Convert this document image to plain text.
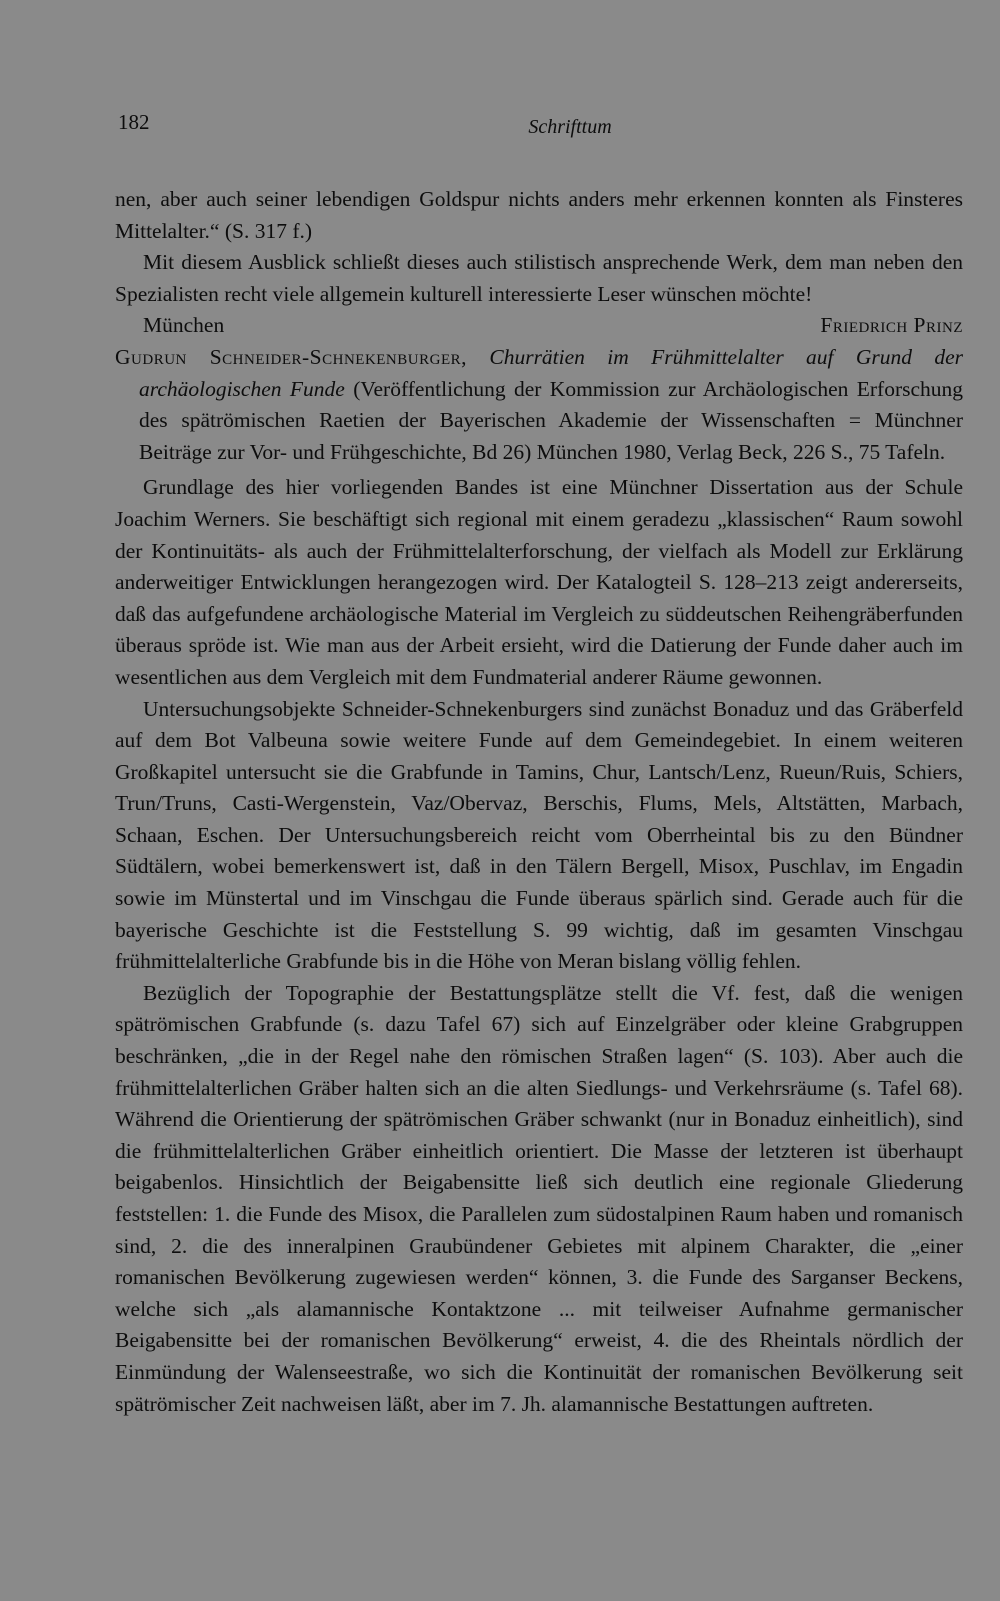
182	Schrifttum

nen, aber auch seiner lebendigen Goldspur nichts anders mehr erkennen konnten als Finsteres Mittelalter.“ (S. 317 f.)

Mit diesem Ausblick schließt dieses auch stilistisch ansprechende Werk, dem man neben den Spezialisten recht viele allgemein kulturell interessierte Leser wünschen möchte!

München	Friedrich Prinz

Gudrun Schneider-Schnekenburger, Churrätien im Frühmittelalter auf Grund der archäologischen Funde (Veröffentlichung der Kommission zur Archäologischen Erforschung des spätrömischen Raetien der Bayerischen Akademie der Wissenschaften = Münchner Beiträge zur Vor- und Frühgeschichte, Bd 26) München 1980, Verlag Beck, 226 S., 75 Tafeln.

Grundlage des hier vorliegenden Bandes ist eine Münchner Dissertation aus der Schule Joachim Werners. Sie beschäftigt sich regional mit einem geradezu „klassischen“ Raum sowohl der Kontinuitäts- als auch der Frühmittelalterforschung, der vielfach als Modell zur Erklärung anderweitiger Entwicklungen herangezogen wird. Der Katalogteil S. 128–213 zeigt andererseits, daß das aufgefundene archäologische Material im Vergleich zu süddeutschen Reihengräberfunden überaus spröde ist. Wie man aus der Arbeit ersieht, wird die Datierung der Funde daher auch im wesentlichen aus dem Vergleich mit dem Fundmaterial anderer Räume gewonnen.

Untersuchungsobjekte Schneider-Schnekenburgers sind zunächst Bonaduz und das Gräberfeld auf dem Bot Valbeuna sowie weitere Funde auf dem Gemeindegebiet. In einem weiteren Großkapitel untersucht sie die Grabfunde in Tamins, Chur, Lantsch/Lenz, Rueun/Ruis, Schiers, Trun/Truns, Casti-Wergenstein, Vaz/Obervaz, Berschis, Flums, Mels, Altstätten, Marbach, Schaan, Eschen. Der Untersuchungsbereich reicht vom Oberrheintal bis zu den Bündner Südtälern, wobei bemerkenswert ist, daß in den Tälern Bergell, Misox, Puschlav, im Engadin sowie im Münstertal und im Vinschgau die Funde überaus spärlich sind. Gerade auch für die bayerische Geschichte ist die Feststellung S. 99 wichtig, daß im gesamten Vinschgau frühmittelalterliche Grabfunde bis in die Höhe von Meran bislang völlig fehlen.

Bezüglich der Topographie der Bestattungsplätze stellt die Vf. fest, daß die wenigen spätrömischen Grabfunde (s. dazu Tafel 67) sich auf Einzelgräber oder kleine Grabgruppen beschränken, „die in der Regel nahe den römischen Straßen lagen“ (S. 103). Aber auch die frühmittelalterlichen Gräber halten sich an die alten Siedlungs- und Verkehrsräume (s. Tafel 68). Während die Orientierung der spätrömischen Gräber schwankt (nur in Bonaduz einheitlich), sind die frühmittelalterlichen Gräber einheitlich orientiert. Die Masse der letzteren ist überhaupt beigabenlos. Hinsichtlich der Beigabensitte ließ sich deutlich eine regionale Gliederung feststellen: 1. die Funde des Misox, die Parallelen zum südostalpinen Raum haben und romanisch sind, 2. die des inneralpinen Graubündener Gebietes mit alpinem Charakter, die „einer romanischen Bevölkerung zugewiesen werden“ können, 3. die Funde des Sarganser Beckens, welche sich „als alamannische Kontaktzone ... mit teilweiser Aufnahme germanischer Beigabensitte bei der romanischen Bevölkerung“ erweist, 4. die des Rheintals nördlich der Einmündung der Walenseestraße, wo sich die Kontinuität der romanischen Bevölkerung seit spätrömischer Zeit nachweisen läßt, aber im 7. Jh. alamannische Bestattungen auftreten.
